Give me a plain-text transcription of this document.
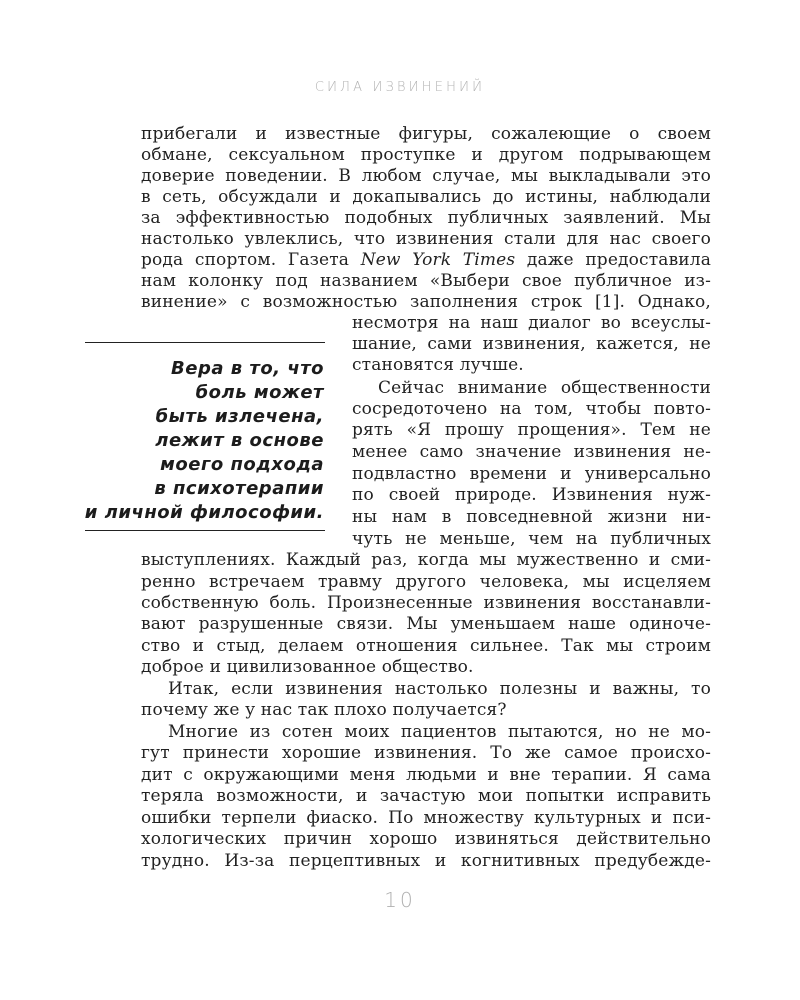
СИЛА ИЗВИНЕНИЙ
прибегали и известные фигуры, сожалеющие о своем
обмане, сексуальном проступке и другом подрывающем
доверие поведении. В любом случае, мы выкладывали это
в сеть, обсуждали и докапывались до истины, наблюдали
за эффективностью подобных публичных заявлений. Мы
настолько увлеклись, что извинения стали для нас своего
рода спортом. Газета New York Times даже предоставила
нам колонку под названием «Выбери свое публичное из-
винение» с возможностью заполнения строк [1]. Однако,
несмотря на наш диалог во всеуслы-
шание, сами извинения, кажется, не
становятся лучше.
Сейчас внимание общественности
сосредоточено на том, чтобы повто-
рять «Я прошу прощения». Тем не
менее само значение извинения не-
подвластно времени и универсально
по своей природе. Извинения нуж-
ны нам в повседневной жизни ни-
чуть не меньше, чем на публичных
выступлениях. Каждый раз, когда мы мужественно и сми-
ренно встречаем травму другого человека, мы исцеляем
собственную боль. Произнесенные извинения восстанавли-
вают разрушенные связи. Мы уменьшаем наше одиноче-
ство и стыд, делаем отношения сильнее. Так мы строим
доброе и цивилизованное общество.
Итак, если извинения настолько полезны и важны, то
почему же у нас так плохо получается?
Многие из сотен моих пациентов пытаются, но не мо-
гут принести хорошие извинения. То же самое происхо-
дит с окружающими меня людьми и вне терапии. Я сама
теряла возможности, и зачастую мои попытки исправить
ошибки терпели фиаско. По множеству культурных и пси-
хологических причин хорошо извиняться действительно
трудно. Из-за перцептивных и когнитивных предубежде-
Вера в то, что
боль может
быть излечена,
лежит в основе
моего подхода
в психотерапии
и личной философии.
10
